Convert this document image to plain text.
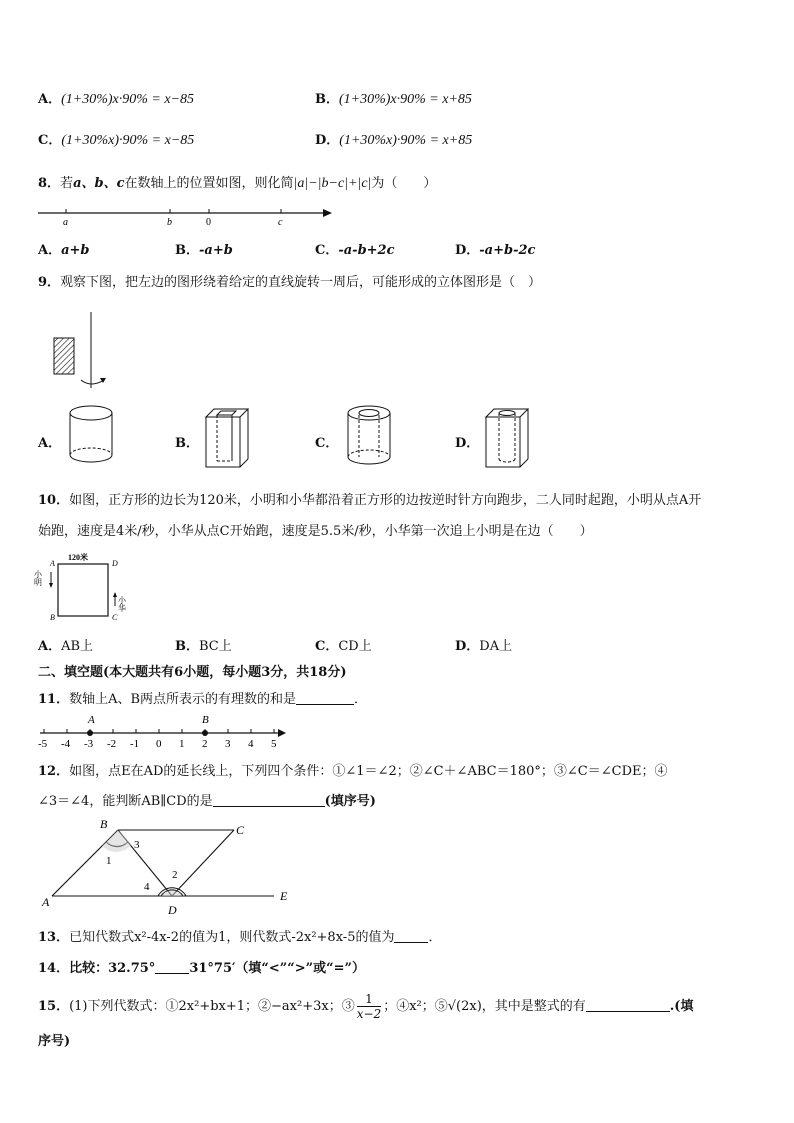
A．(1+30%)x·90% = x−85	B．(1+30%)x·90% = x+85
C．(1+30%x)·90% = x−85	D．(1+30%x)·90% = x+85
8．若a、b、c在数轴上的位置如图，则化简|a|−|b−c|+|c|为（　　）
a	b	0	c
A．a+b	B．-a+b	C．-a-b+2c	D．-a+b-2c
9．观察下图，把左边的图形绕着给定的直线旋转一周后，可能形成的立体图形是（　）
A．	B．	C．	D．
10．如图，正方形的边长为120米，小明和小华都沿着正方形的边按逆时针方向跑步，二人同时起跑，小明从点A开
始跑，速度是4米/秒，小华从点C开始跑，速度是5.5米/秒，小华第一次追上小明是在边（　　）
120米
A	D
B	C
小明
小华
A．AB上	B．BC上	C．CD上	D．DA上
二、填空题(本大题共有6小题，每小题3分，共18分)
11．数轴上A、B两点所表示的有理数的和是	．
A	B
-5 -4 -3 -2 -1 0 1 2 3 4 5
12．如图，点E在AD的延长线上，下列四个条件：①∠1＝∠2；②∠C＋∠ABC＝180°；③∠C＝∠CDE；④
∠3＝∠4，能判断AB∥CD的是	(填序号)
A
B	C
D
E
1
3
4
2
13．已知代数式x²-4x-2的值为1，则代数式-2x²+8x-5的值为	．
14．比较：32.75°	31°75′（填“<”“>”或“=”）
15．(1)下列代数式：①2x²+bx+1；②−ax²+3x；③ $\frac{1}{x-2}$ ；④x²；⑤√(2x)，其中是整式的有	.(填
序号)
